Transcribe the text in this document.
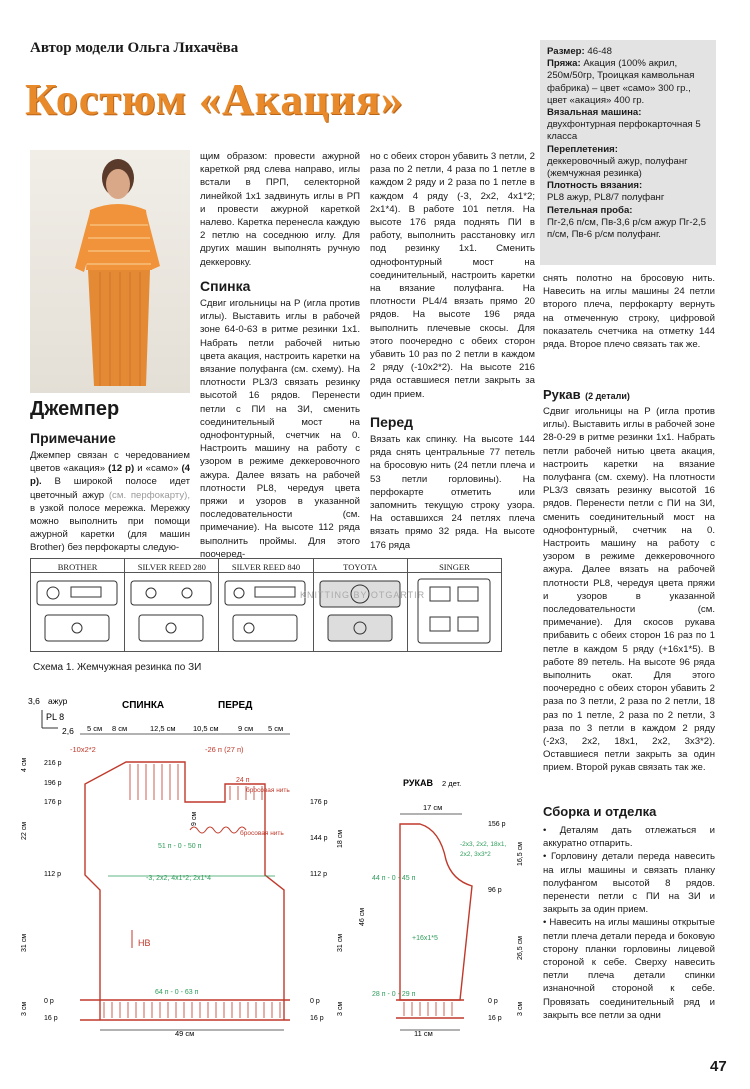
Автор модели Ольга Лихачёва
Костюм «Акация»
Джемпер
Примечание
Джемпер связан с чередованием цветов «акация» (12 р) и «само» (4 р). В широкой полосе идет цветочный ажур (см. перфокарту), в узкой полосе мережка. Мережку можно выполнить при помощи ажурной каретки (для машин Brother) без перфокарты следую-
щим образом: провести ажурной кареткой ряд слева направо, иглы встали в ПРП, селекторной линейкой 1х1 задвинуть иглы в РП и провести ажурной кареткой налево. Каретка перенесла каждую 2 петлю на соседнюю иглу. Для других машин выполнять ручную деккеровку.
Спинка
Сдвиг игольницы на Р (игла против иглы). Выставить иглы в рабочей зоне 64-0-63 в ритме резинки 1х1. Набрать петли рабочей нитью цвета акация, настроить каретки на вязание полуфанга (см. схему). На плотности PL3/3 связать резинку высотой 16 рядов. Перенести петли с ПИ на ЗИ, сменить соединительный мост на однофонтурный, счетчик на 0. Настроить машину на работу с узором в режиме деккеровочного ажура. Далее вязать на рабочей плотности PL8, чередуя цвета пряжи и узоров в указанной последовательности (см. примечание). На высоте 112 ряда выполнить проймы. Для этого поочеред-
но с обеих сторон убавить 3 петли, 2 раза по 2 петли, 4 раза по 1 петле в каждом 2 ряду и 2 раза по 1 петле в каждом 4 ряду (-3, 2х2, 4х1*2; 2х1*4). В работе 101 петля. На высоте 176 ряда поднять ПИ в работу, выполнить расстановку игл под резинку 1х1. Сменить однофонтурный мост на соединительный, настроить каретки на вязание полуфанга. На плотности PL4/4 вязать прямо 20 рядов. На высоте 196 ряда выполнить плечевые скосы. Для этого поочередно с обеих сторон убавить 10 раз по 2 петли в каждом 2 ряду (-10х2*2). На высоте 216 ряда оставшиеся петли закрыть за один прием.
Перед
Вязать как спинку. На высоте 144 ряда снять центральные 77 петель на бросовую нить (24 петли плеча и 53 петли горловины). На перфокарте отметить или запомнить текущую строку узора. На оставшихся 24 петлях плеча вязать прямо 32 ряда. На высоте 176 ряда
Размер: 46-48
Пряжа: Акация (100% акрил, 250м/50гр, Троицкая камвольная фабрика) – цвет «само» 300 гр., цвет «акация» 400 гр.
Вязальная машина:
двухфонтурная перфокарточная 5 класса
Переплетения:
деккеровочный ажур, полуфанг (жемчужная резинка)
Плотность вязания:
PL8 ажур, PL8/7 полуфанг
Петельная проба:
Пг-2,6 п/см, Пв-3,6 р/см ажур Пг-2,5 п/см, Пв-6 р/см полуфанг.
снять полотно на бросовую нить. Навесить на иглы машины 24 петли второго плеча, перфокарту вернуть на отмеченную строку, цифровой показатель счетчика на отметку 144 ряда. Второе плечо связать так же.
Рукав (2 детали)
Сдвиг игольницы на Р (игла против иглы). Выставить иглы в рабочей зоне 28-0-29 в ритме резинки 1х1. Набрать петли рабочей нитью цвета акация, настроить каретки на вязание полуфанга (см. схему). На плотности PL3/3 связать резинку высотой 16 рядов. Перенести петли с ПИ на ЗИ, сменить соединительный мост на однофонтурный, счетчик на 0. Настроить машину на работу с узором в режиме деккеровочного ажура. Далее вязать на рабочей плотности PL8, чередуя цвета пряжи и узоров в указанной последовательности (см. примечание). Для скосов рукава прибавить с обеих сторон 16 раз по 1 петле в каждом 5 ряду (+16х1*5). В работе 89 петель. На высоте 96 ряда выполнить окат. Для этого поочередно с обеих сторон убавить 2 раза по 3 петли, 2 раза по 2 петли, 18 раз по 1 петле, 2 раза по 2 петли, 3 раза по 3 петли в каждом 2 ряду (-2х3, 2х2, 18х1, 2х2, 3х3*2). Оставшиеся петли закрыть за один прием. Второй рукав связать так же.
Сборка и отделка

• Деталям дать отлежаться и аккуратно отпарить.

• Горловину детали переда навесить на иглы машины и связать планку полуфангом высотой 8 рядов. перенести петли с ПИ на ЗИ и закрыть за один прием.

• Навесить на иглы машины открытые петли плеча детали переда и боковую сторону планки горловины лицевой стороной к себе. Сверху навесить петли плеча детали спинки изнаночной стороной к себе. Провязать соединительный ряд и закрыть все петли за одни

BROTHER	SILVER REED 280	SILVER REED 840	TOYOTA	SINGER
KNITTING BY OTGARTIR
Схема 1. Жемчужная резинка по ЗИ
3,6 ажур
PL 8
2,6
СПИНКА	ПЕРЕД
5 см 8 см	12,5 см 10,5 см	9 см 5 см
-10х2*2	-26 п (27 п)
216 р
196 р
176 р
112 р
0 р
16 р
4 см
22 см
31 см
3 см
176 р
144 р
112 р
0 р
16 р
18 см
31 см
3 см
9 см
24 п
бросовая нить
бросовая нить
51 п - 0 - 50 п
-3, 2х2, 4х1*2; 2х1*4
64 п - 0 - 63 п
НВ
49 см
РУКАВ 2 дет.
17 см
156 р
96 р
0 р
16 р
-2х3, 2х2, 18х1,
2х2, 3х3*2
44 п - 0 - 45 п
+16х1*5
28 п - 0 - 29 п
46 см
16,5 см
26,5 см
3 см
11 см
47
